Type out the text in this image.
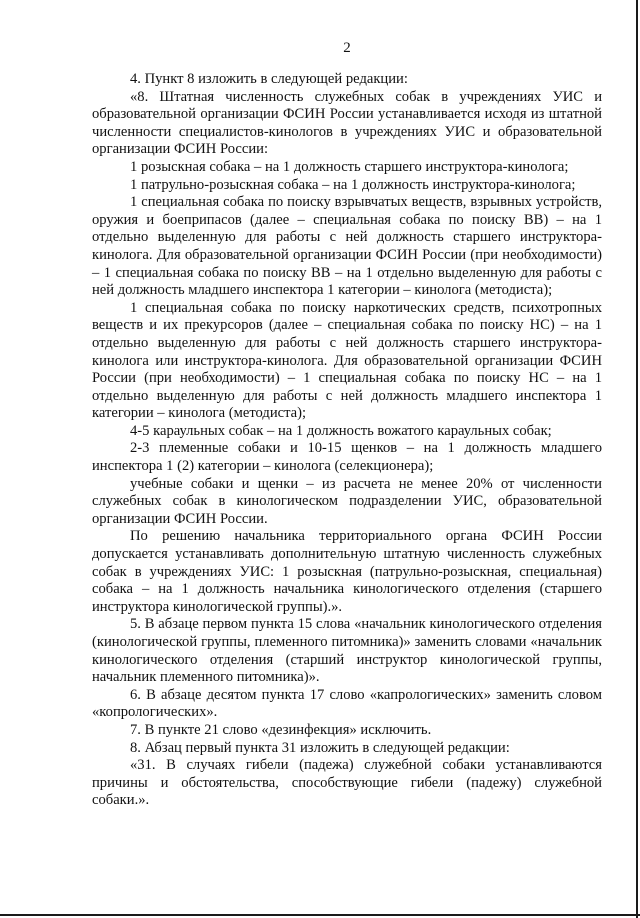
2

4. Пункт 8 изложить в следующей редакции:

«8. Штатная численность служебных собак в учреждениях УИС и образовательной организации ФСИН России устанавливается исходя из штатной численности специалистов-кинологов в учреждениях УИС и образовательной организации ФСИН России:

1 розыскная собака – на 1 должность старшего инструктора-кинолога;

1 патрульно-розыскная собака – на 1 должность инструктора-кинолога;

1 специальная собака по поиску взрывчатых веществ, взрывных устройств, оружия и боеприпасов (далее – специальная собака по поиску ВВ) – на 1 отдельно выделенную для работы с ней должность старшего инструктора-кинолога. Для образовательной организации ФСИН России (при необходимости) – 1 специальная собака по поиску ВВ – на 1 отдельно выделенную для работы с ней должность младшего инспектора 1 категории – кинолога (методиста);

1 специальная собака по поиску наркотических средств, психотропных веществ и их прекурсоров (далее – специальная собака по поиску НС) – на 1 отдельно выделенную для работы с ней должность старшего инструктора-кинолога или инструктора-кинолога. Для образовательной организации ФСИН России (при необходимости) – 1 специальная собака по поиску НС – на 1 отдельно выделенную для работы с ней должность младшего инспектора 1 категории – кинолога (методиста);

4-5 караульных собак – на 1 должность вожатого караульных собак;

2-3 племенные собаки и 10-15 щенков – на 1 должность младшего инспектора 1 (2) категории – кинолога (селекционера);

учебные собаки и щенки – из расчета не менее 20% от численности служебных собак в кинологическом подразделении УИС, образовательной организации ФСИН России.

По решению начальника территориального органа ФСИН России допускается устанавливать дополнительную штатную численность служебных собак в учреждениях УИС: 1 розыскная (патрульно-розыскная, специальная) собака – на 1 должность начальника кинологического отделения (старшего инструктора кинологической группы).».

5. В абзаце первом пункта 15 слова «начальник кинологического отделения (кинологической группы, племенного питомника)» заменить словами «начальник кинологического отделения (старший инструктор кинологической группы, начальник племенного питомника)».

6. В абзаце десятом пункта 17 слово «капрологических» заменить словом «копрологических».

7. В пункте 21 слово «дезинфекция» исключить.

8. Абзац первый пункта 31 изложить в следующей редакции:

«31. В случаях гибели (падежа) служебной собаки устанавливаются причины и обстоятельства, способствующие гибели (падежу) служебной собаки.».
